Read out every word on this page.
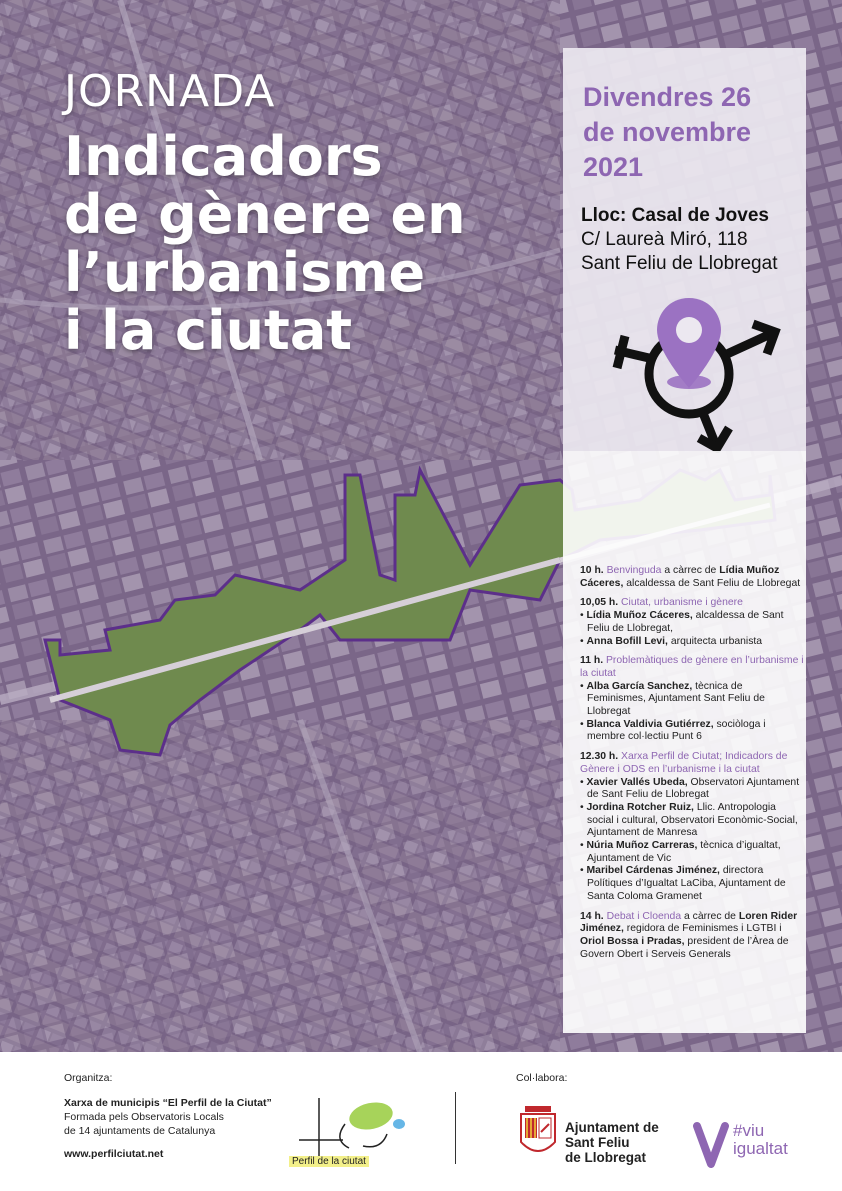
JORNADA
Indicadors
de gènere en
l’urbanisme
i la ciutat
Divendres 26
de novembre
2021
Lloc: Casal de Joves
C/ Laureà Miró, 118
Sant Feliu de Llobregat
10 h. Benvinguda a càrrec de Lídia Muñoz Cáceres, alcaldessa de Sant Feliu de Llobregat
10,05 h. Ciutat, urbanisme i gènere
• Lídia Muñoz Cáceres, alcaldessa de Sant Feliu de Llobregat,
• Anna Bofill Levi, arquitecta urbanista
11 h. Problemàtiques de gènere en l’urbanisme i la ciutat
• Alba García Sanchez, tècnica de Feminismes, Ajuntament Sant Feliu de Llobregat
• Blanca Valdivia Gutiérrez, sociòloga i membre col·lectiu Punt 6
12.30 h. Xarxa Perfil de Ciutat; Indicadors de Gènere i ODS en l’urbanisme i la ciutat
• Xavier Vallés Ubeda, Observatori Ajuntament de Sant Feliu de Llobregat
• Jordina Rotcher Ruiz, Llic. Antropologia social i cultural, Observatori Econòmic-Social, Ajuntament de Manresa
• Núria Muñoz Carreras, tècnica d’igualtat, Ajuntament de Vic
• Maribel Cárdenas Jiménez, directora Polítiques d’Igualtat LaCiba, Ajuntament de Santa Coloma Gramenet
14 h. Debat i Cloenda a càrrec de Loren Rider Jiménez, regidora de Feminismes i LGTBI i Oriol Bossa i Pradas, president de l’Àrea de Govern Obert i Serveis Generals
Organitza:
Xarxa de municipis “El Perfil de la Ciutat”
Formada pels Observatoris Locals
de 14 ajuntaments de Catalunya
www.perfilciutat.net
Perfil de la ciutat
Col·labora:
Ajuntament de
Sant Feliu
de Llobregat
#viu
igualtat
